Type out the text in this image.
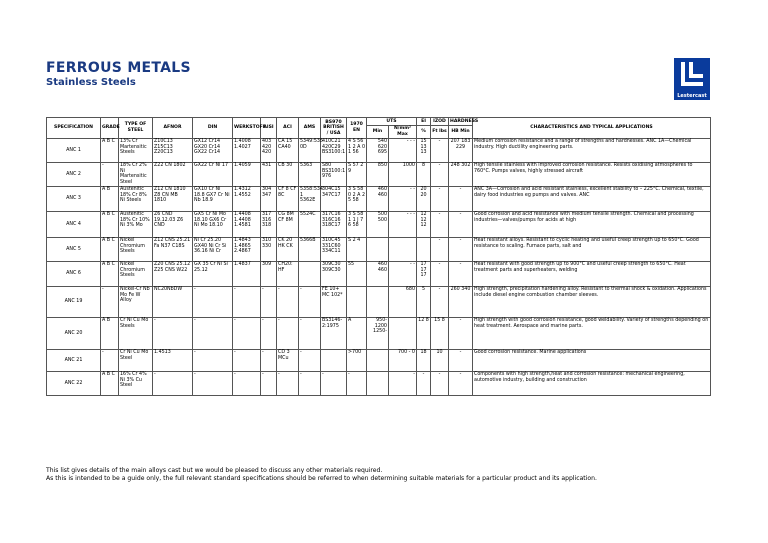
FERROUS METALS
Stainless Steels
Lestercast
SPECIFICATION	GRADE	TYPE OF STEEL	AFNOR	DIN	WERKSTOFF	AISI	ACI	AMS	BS970 BRITISH / USA	1970 EN	UTS		EI	IZOD	HARDNESS	CHARACTERISTICS AND TYPICAL APPLICATIONS
											Min	N/mm² Max	%	Ft lbs	HB Min	
ANC 1	A B C	13% Cr Martensitic Steels	Z10C13 Z15C13 Z20C13	GX12 Cr14 GX20 Cr14 GX22 Cr14	1.4008 1.4027	403 420 420	CA 15 CA40	5349:535 0D	410C21 420C29 BS3100:1	4 S 56 1 2 A 0 1 56	540 620 695	- - -	15 13 13	-	207 183 229	Medium corrosion resistance and a range of strengths and hardnesses. ANC 1A—Chemical industry. High ductility engineering parts.
ANC 2	-	18% Cr 2% Ni Martensitic Steel	Z22 CN 1802	GX22 Cr Ni 17	1.4059	431	CB 30	5363	S80 BS3100:1 976	S 57 2 9	850	1000	8	-	248 302	High tensile stainless with improved corrosion resistance. Resists oxidising atmospheres to 760°C. Pumps valves, highly stressed aircraft
ANC 3	A B	Austenitic 18% Cr 8% Ni Steels	Z12 CN 1810 Z8 CN MB 1810	GX10 Cr Ni 18.8 GX7 Cr Ni Nb 18.9	1.4312 1.4552	304 347	CF 8 CF 8C	5358:534 1 5362E	304C15 347C17	3 S 58 0 2 A 2 5 58	460 460	- -	20 20	-	-	ANC 3A—Corrosion and acid resistant stainless, excellent stability to – 225°C. Chemical, textile, dairy food industries eg pumps and valves. ANC
ANC 4	A B C	Austenitic 18% Cr 10% Ni 3% Mo	Z6 CND 19.12.03 Z6 CND	GX5 Cr Ni Mo 18.10 GX6 Cr Ni Mo 18.10	1.4408 1.4408 1.4581	317 316 318	CG 8M CF 8M	5524C	317C16 316C16 318C17	3 S 58 1 1 J 7 6 58	500 500	- - -	12 12 12	-	-	Good corrosion and acid resistance with medium tensile strength. Chemical and processing industries—valves/pumps for acids at high
ANC 5	A B C	Nickel Chromium Steels	Z12 CNS 25.21 Fa N37 C18S	Ni Cr 25.20 GX40 Ni Cr Si 36.16 Ni Cr	1.4843 1.4865 2.4867	310 330	CK 20 HK CK	5366B	310C45 331C60 334C11	S 2 4				-	-	Heat resistant alloys. Resistant to cyclic heating and useful creep strength up to 650°C. Good resistance to scaling. Furnace parts, salt and
ANC 6	A B C	Nickel Chromium Steels	Z20 CNS 25.12 Z25 CNS W22	GX 35 Cr Ni Si 25.12	1.4837	309	CH20: HF		309C30 309C30	55	460 460	- -	17 17 17	-	-	Heat resistant with good strength up to 900°C and useful creep strength to 650°C. Heat treatment parts and superheaters, welding
ANC 19	-	Nickel-Cr Nb Mo Fe W Alloy	NC20NbDW	-	-	-	-	-	FE 10+ MC 102*			680	5	-	260 340	High strength, precipitation hardening alloy. Resistant to thermal shock & oxidation. Applications include diesel engine combustion chamber sleeves.
ANC 20	A B	Cr Ni Cu Mo Steels	-	-	-	-	-	-	BS3146- 2:1975	A	950- 1200 1250-		12 8	15 8	-	High strength with good corrosion resistance, good weldability. Variety of strengths depending on heat treatment. Aerospace and marine parts.
ANC 21	-	Cr Ni Cu Mo Steel	1.4513	-	-	-	CD 3 MCu	-		>700		700 - 0	18	10	-	Good corrosion resistance. Marine applications
ANC 22	A B C	16% Cr 4% Ni 3% Cu Steel	-	-	-	-	-	-	-	-		-	-	-	-	Components with high strength,heat and corrosion resistance: mechanical engineering, automotive industry, building and construction
This list gives details of the main alloys cast but we would be pleased to discuss any other materials required.
As this is intended to be a guide only, the full relevant standard specifications should be referred to when determining suitable materials for a particular product and its application.
